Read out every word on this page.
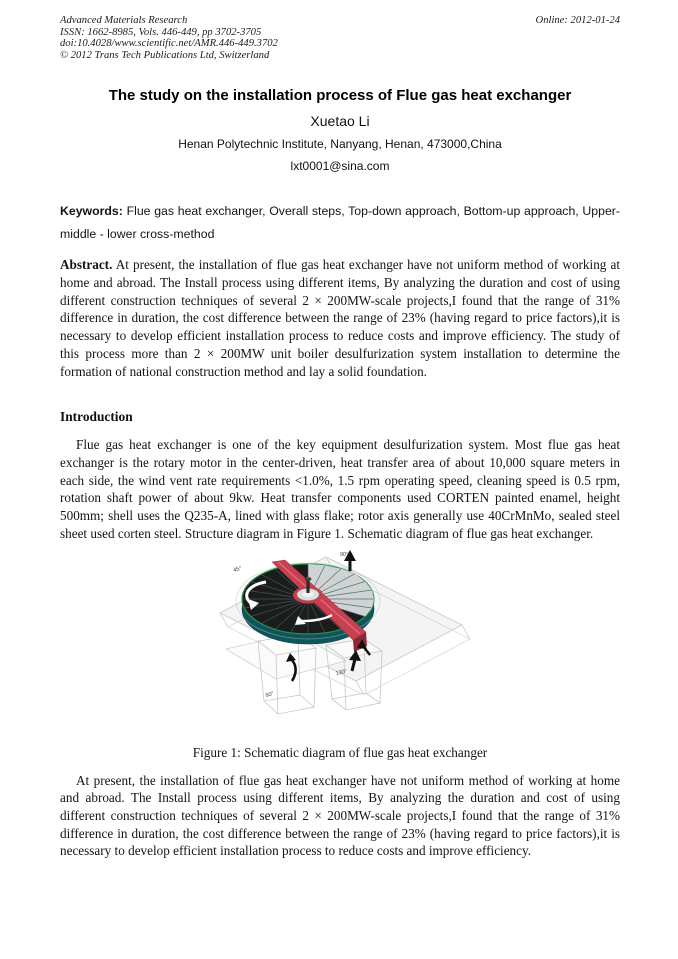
Advanced Materials Research
ISSN: 1662-8985, Vols. 446-449, pp 3702-3705
doi:10.4028/www.scientific.net/AMR.446-449.3702
© 2012 Trans Tech Publications Ltd, Switzerland
Online: 2012-01-24
The study on the installation process of Flue gas heat exchanger
Xuetao Li
Henan Polytechnic Institute, Nanyang, Henan, 473000,China
lxt0001@sina.com

Keywords: Flue gas heat exchanger, Overall steps, Top-down approach, Bottom-up approach, Upper- middle - lower cross-method

Abstract. At present, the installation of flue gas heat exchanger have not uniform method of working at home and abroad. The Install process using different items, By analyzing the duration and cost of using different construction techniques of several 2 × 200MW-scale projects,I found that the range of 31% difference in duration, the cost difference between the range of 23% (having regard to price factors),it is necessary to develop efficient installation process to reduce costs and improve efficiency. The study of this process more than 2 × 200MW unit boiler desulfurization system installation to determine the formation of national construction method and lay a solid foundation.

Introduction

Flue gas heat exchanger is one of the key equipment desulfurization system. Most flue gas heat exchanger is the rotary motor in the center-driven, heat transfer area of about 10,000 square meters in each side, the wind vent rate requirements <1.0%, 1.5 rpm operating speed, cleaning speed is 0.5 rpm, rotation shaft power of about 9kw. Heat transfer components used CORTEN painted enamel, height 500mm; shell uses the Q235-A, lined with glass flake; rotor axis generally use 40CrMnMo, sealed steel sheet used corten steel. Structure diagram in Figure 1. Schematic diagram of flue gas heat exchanger.

45°
90°
60°
130°
Figure 1: Schematic diagram of flue gas heat exchanger

At present, the installation of flue gas heat exchanger have not uniform method of working at home and abroad. The Install process using different items, By analyzing the duration and cost of using different construction techniques of several 2 × 200MW-scale projects,I found that the range of 31% difference in duration, the cost difference between the range of 23% (having regard to price factors),it is necessary to develop efficient installation process to reduce costs and improve efficiency.
